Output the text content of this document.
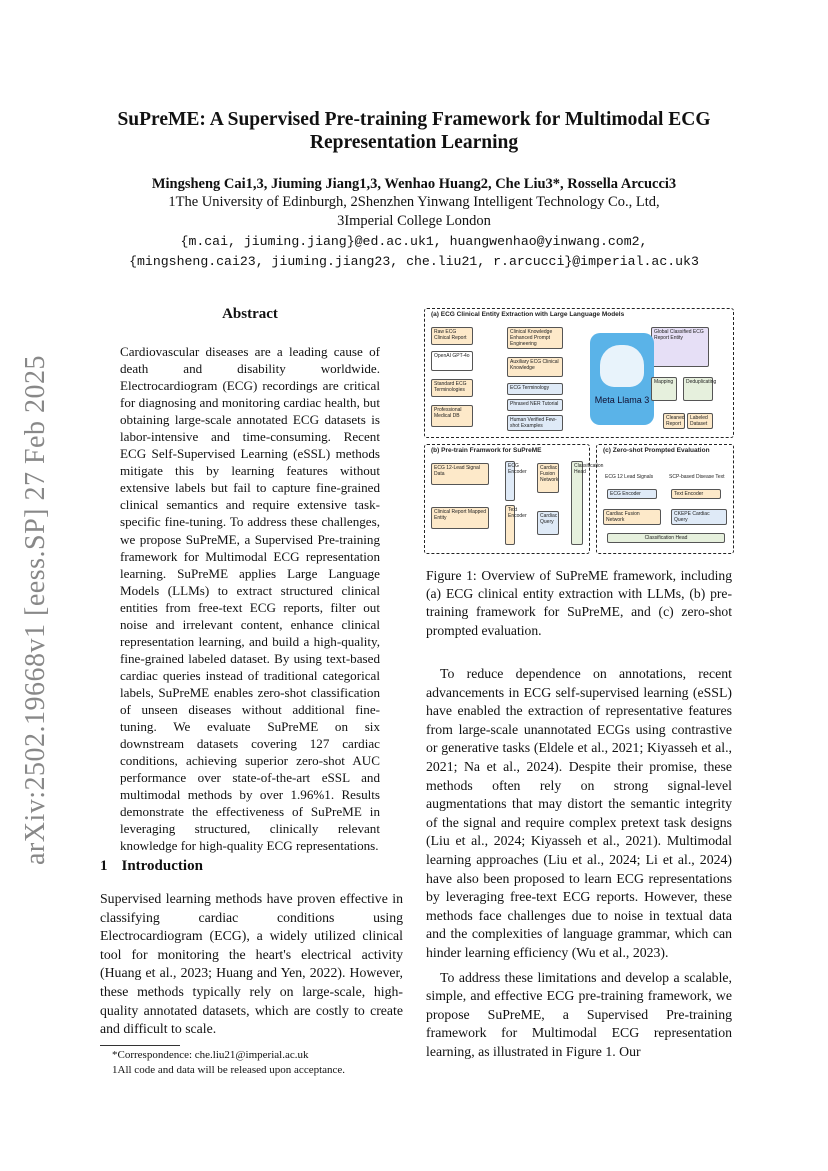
arXiv:2502.19668v1 [eess.SP] 27 Feb 2025
SuPreME: A Supervised Pre-training Framework for Multimodal ECG
Representation Learning
Mingsheng Cai1,3, Jiuming Jiang1,3, Wenhao Huang2, Che Liu3*, Rossella Arcucci3
1The University of Edinburgh, 2Shenzhen Yinwang Intelligent Technology Co., Ltd,
3Imperial College London
{m.cai, jiuming.jiang}@ed.ac.uk1, huangwenhao@yinwang.com2,
{mingsheng.cai23, jiuming.jiang23, che.liu21, r.arcucci}@imperial.ac.uk3
Abstract
Cardiovascular diseases are a leading cause of death and disability worldwide. Electrocardiogram (ECG) recordings are critical for diagnosing and monitoring cardiac health, but obtaining large-scale annotated ECG datasets is labor-intensive and time-consuming. Recent ECG Self-Supervised Learning (eSSL) methods mitigate this by learning features without extensive labels but fail to capture fine-grained clinical semantics and require extensive task-specific fine-tuning. To address these challenges, we propose SuPreME, a Supervised Pre-training framework for Multimodal ECG representation learning. SuPreME applies Large Language Models (LLMs) to extract structured clinical entities from free-text ECG reports, filter out noise and irrelevant content, enhance clinical representation learning, and build a high-quality, fine-grained labeled dataset. By using text-based cardiac queries instead of traditional categorical labels, SuPreME enables zero-shot classification of unseen diseases without additional fine-tuning. We evaluate SuPreME on six downstream datasets covering 127 cardiac conditions, achieving superior zero-shot AUC performance over state-of-the-art eSSL and multimodal methods by over 1.96%1. Results demonstrate the effectiveness of SuPreME in leveraging structured, clinically relevant knowledge for high-quality ECG representations.
1 Introduction
Supervised learning methods have proven effective in classifying cardiac conditions using Electrocardiogram (ECG), a widely utilized clinical tool for monitoring the heart's electrical activity (Huang et al., 2023; Huang and Yen, 2022). However, these methods typically rely on large-scale, high-quality annotated datasets, which are costly to create and difficult to scale.
*Correspondence: che.liu21@imperial.ac.uk
1All code and data will be released upon acceptance.
(a) ECG Clinical Entity Extraction with Large Language Models
Raw ECG Clinical Report
Clinical Knowledge Enhanced Prompt Engineering
Global Classified ECG Report Entity
OpenAI GPT-4o
Auxiliary ECG Clinical Knowledge
Standard ECG Terminologies	ECG Terminology
Phrased NER Tutorial
Professional Medical DB
Human Verified Few-shot Examples
Meta Llama 3
Mapping	Deduplicating
Cleaned Report
Labeled Dataset
(b) Pre-train Framwork for SuPreME
ECG 12-Lead Signal Data
ECG Encoder
Cardiac Fusion Network
Clinical Report Mapped Entity
Text Encoder	Cardiac Query
Classification Head
(c) Zero-shot Prompted Evaluation
ECG 12 Lead Signals	SCP-based Disease Text
ECG Encoder	Text Encoder
Cardiac Fusion Network
CKEPE Cardiac Query
Classification Head
Figure 1: Overview of SuPreME framework, including (a) ECG clinical entity extraction with LLMs, (b) pre-training framework for SuPreME, and (c) zero-shot prompted evaluation.

To reduce dependence on annotations, recent advancements in ECG self-supervised learning (eSSL) have enabled the extraction of representative features from large-scale unannotated ECGs using contrastive or generative tasks (Eldele et al., 2021; Kiyasseh et al., 2021; Na et al., 2024). Despite their promise, these methods often rely on strong signal-level augmentations that may distort the semantic integrity of the signal and require complex pretext task designs (Liu et al., 2024; Kiyasseh et al., 2021). Multimodal learning approaches (Liu et al., 2024; Li et al., 2024) have also been proposed to learn ECG representations by leveraging free-text ECG reports. However, these methods face challenges due to noise in textual data and the complexities of language grammar, which can hinder learning efficiency (Wu et al., 2023).

To address these limitations and develop a scalable, simple, and effective ECG pre-training framework, we propose SuPreME, a Supervised Pre-training framework for Multimodal ECG representation learning, as illustrated in Figure 1. Our
